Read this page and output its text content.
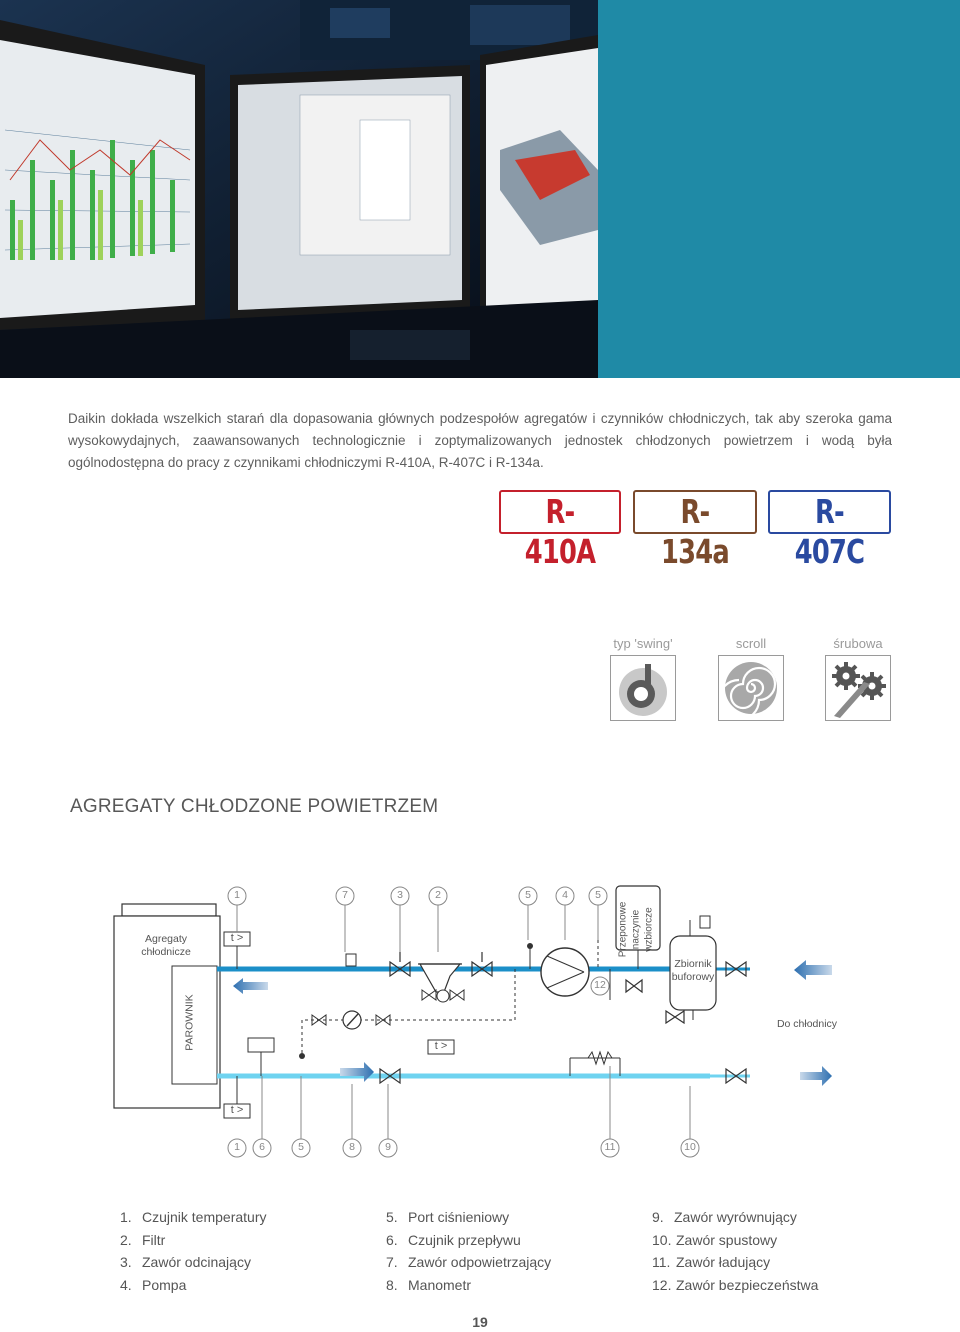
Daikin dokłada wszelkich starań dla dopasowania głównych podzespołów agregatów i czynników chłodniczych, tak aby szeroka gama wysokowydajnych, zaawansowanych technologicznie i zoptymalizowanych jednostek chłodzonych powietrzem i wodą była ogólnodostępna do pracy z czynnikami chłodniczymi R-410A, R-407C i R-134a.

R-410A
R-134a
R-407C
typ 'swing'	scroll	śrubowa
AGREGATY CHŁODZONE POWIETRZEM
Agregaty chłodnicze
PAROWNIK
Przeponowe naczynie wzbiorcze
Zbiornik buforowy
Do chłodnicy
t >
t >
t >
1	7	3	2	5	4	5
12
1	6	5	8	9	11	10
1. Czujnik temperatury
2. Filtr
3. Zawór odcinający
4. Pompa
5. Port ciśnieniowy
6. Czujnik przepływu
7. Zawór odpowietrzający
8. Manometr
9. Zawór wyrównujący
10. Zawór spustowy
11. Zawór ładujący
12. Zawór bezpieczeństwa
19
